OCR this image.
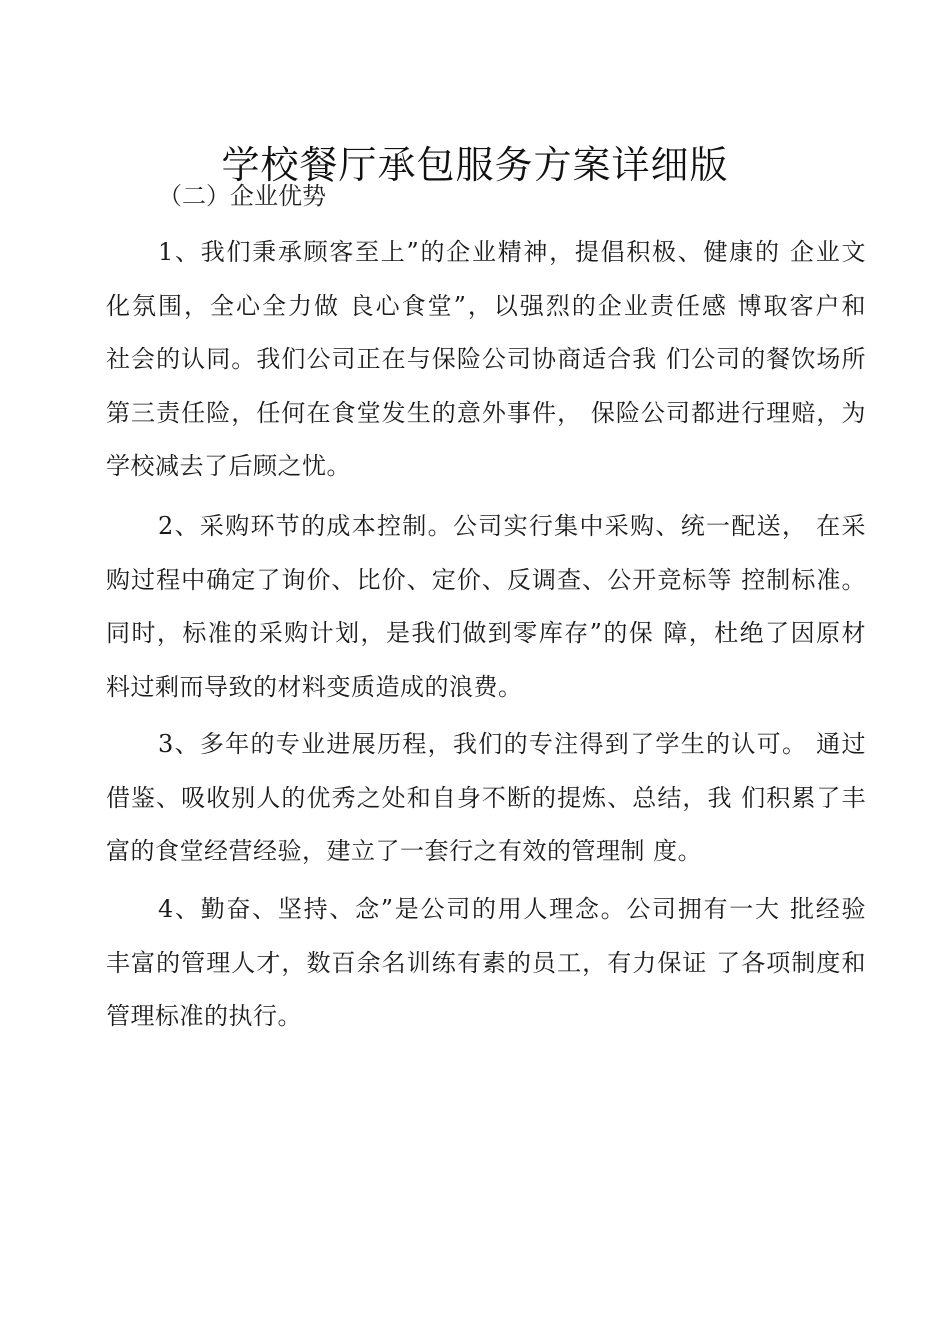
学校餐厅承包服务方案详细版
（二）企业优势
1、我们秉承顾客至上”的企业精神，提倡积极、健康的 企业文
化氛围，全心全力做 良心食堂”，以强烈的企业责任感 博取客户和
社会的认同。我们公司正在与保险公司协商适合我 们公司的餐饮场所
第三责任险，任何在食堂发生的意外事件， 保险公司都进行理赔，为
学校减去了后顾之忧。
2、采购环节的成本控制。公司实行集中采购、统一配送， 在采
购过程中确定了询价、比价、定价、反调查、公开竞标等 控制标准。
同时，标准的采购计划，是我们做到零库存”的保 障，杜绝了因原材
料过剩而导致的材料变质造成的浪费。
3、多年的专业进展历程，我们的专注得到了学生的认可。 通过
借鉴、吸收别人的优秀之处和自身不断的提炼、总结，我 们积累了丰
富的食堂经营经验，建立了一套行之有效的管理制 度。
4、勤奋、坚持、念”是公司的用人理念。公司拥有一大 批经验
丰富的管理人才，数百余名训练有素的员工，有力保证 了各项制度和
管理标准的执行。
